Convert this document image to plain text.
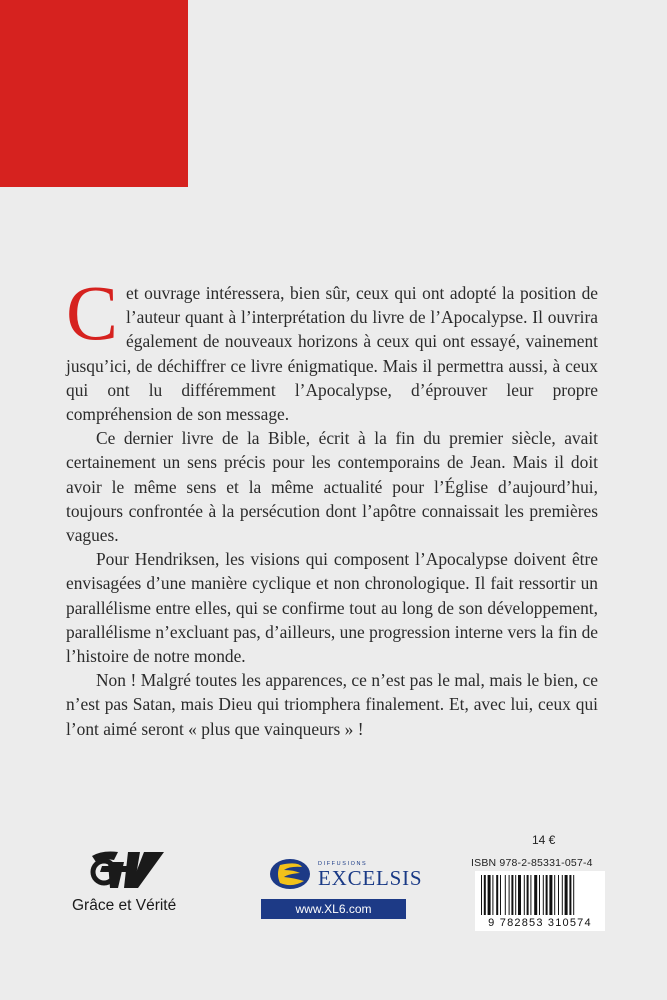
Cet ouvrage intéressera, bien sûr, ceux qui ont adopté la position de l’auteur quant à l’interprétation du livre de l’Apocalypse. Il ouvrira également de nouveaux horizons à ceux qui ont essayé, vainement jusqu’ici, de déchiffrer ce livre énigmatique. Mais il permettra aussi, à ceux qui ont lu différemment l’Apocalypse, d’éprouver leur propre compréhension de son message.

Ce dernier livre de la Bible, écrit à la fin du premier siècle, avait certainement un sens précis pour les contemporains de Jean. Mais il doit avoir le même sens et la même actualité pour l’Église d’aujourd’hui, toujours confrontée à la persécution dont l’apôtre connaissait les premières vagues.

Pour Hendriksen, les visions qui composent l’Apocalypse doivent être envisagées d’une manière cyclique et non chronologique. Il fait ressortir un parallélisme entre elles, qui se confirme tout au long de son développement, parallélisme n’excluant pas, d’ailleurs, une progression interne vers la fin de l’histoire de notre monde.

Non ! Malgré toutes les apparences, ce n’est pas le mal, mais le bien, ce n’est pas Satan, mais Dieu qui triomphera finalement. Et, avec lui, ceux qui l’ont aimé seront « plus que vainqueurs » !

Grâce et Vérité
DIFFUSIONS
EXCELSIS
www.XL6.com
14 €
ISBN 978-2-85331-057-4
9 782853 310574
